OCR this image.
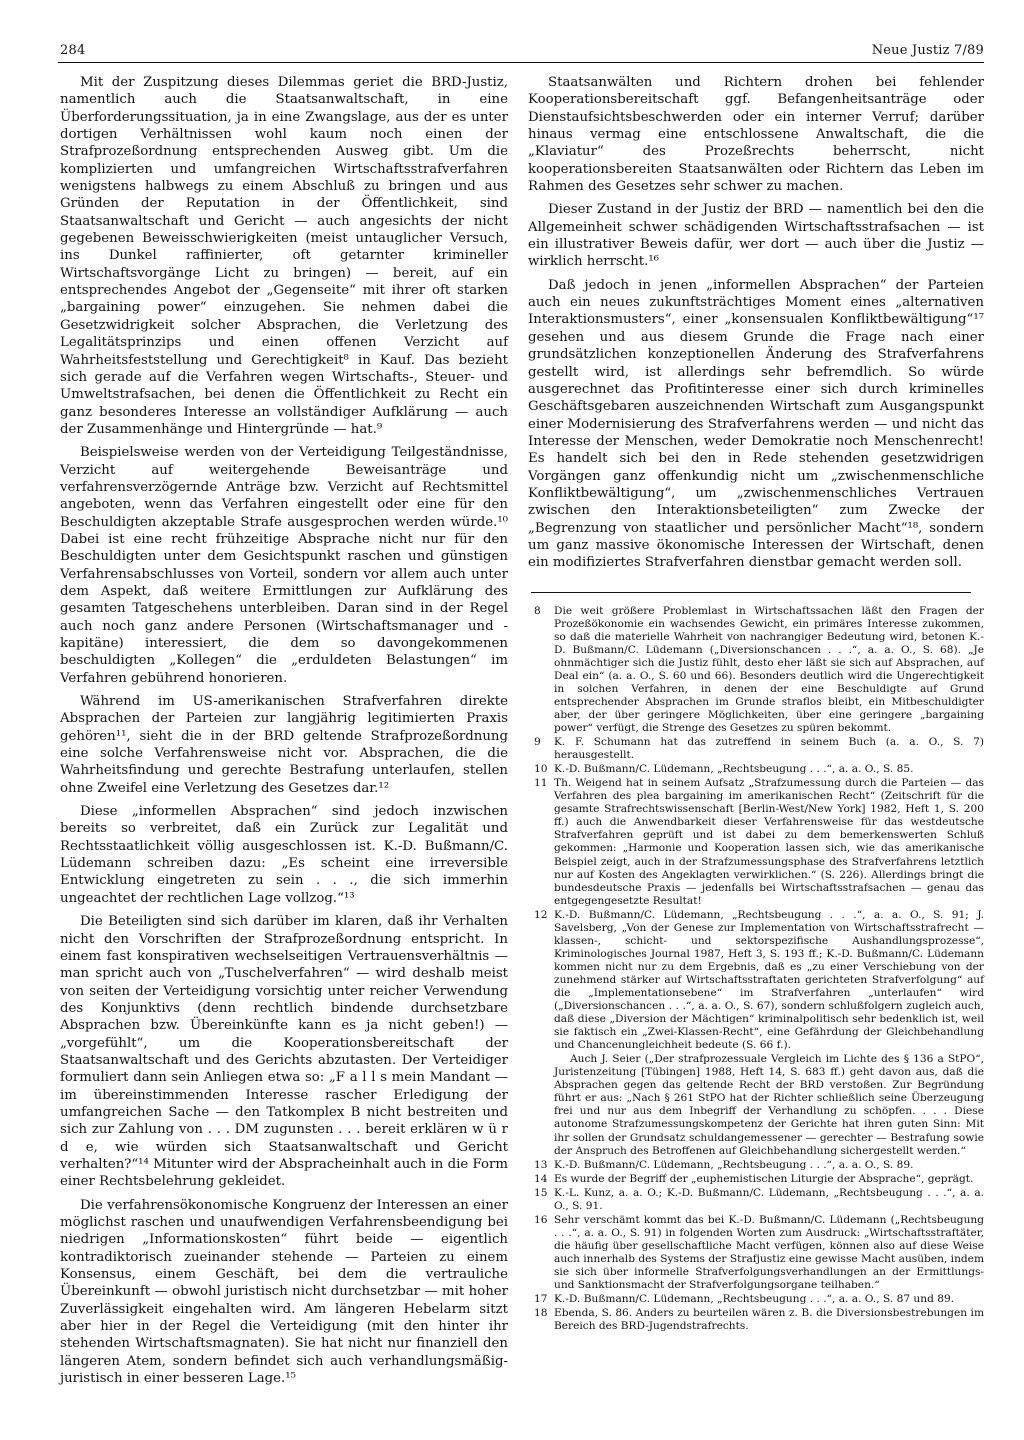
284	Neue Justiz 7/89

Mit der Zuspitzung dieses Dilemmas geriet die BRD-Justiz, namentlich auch die Staatsanwaltschaft, in eine Überforderungssituation, ja in eine Zwangslage, aus der es unter dortigen Verhältnissen wohl kaum noch einen der Strafprozeßordnung entsprechenden Ausweg gibt. Um die komplizierten und umfangreichen Wirtschaftsstrafverfahren wenigstens halbwegs zu einem Abschluß zu bringen und aus Gründen der Reputation in der Öffentlichkeit, sind Staatsanwaltschaft und Gericht — auch angesichts der nicht gegebenen Beweisschwierigkeiten (meist untauglicher Versuch, ins Dunkel raffinierter, oft getarnter krimineller Wirtschaftsvorgänge Licht zu bringen) — bereit, auf ein entsprechendes Angebot der „Gegenseite“ mit ihrer oft starken „bargaining power“ einzugehen. Sie nehmen dabei die Gesetzwidrigkeit solcher Absprachen, die Verletzung des Legalitätsprinzips und einen offenen Verzicht auf Wahrheitsfeststellung und Gerechtigkeit⁸ in Kauf. Das bezieht sich gerade auf die Verfahren wegen Wirtschafts-, Steuer- und Umweltstrafsachen, bei denen die Öffentlichkeit zu Recht ein ganz besonderes Interesse an vollständiger Aufklärung — auch der Zusammenhänge und Hintergründe — hat.⁹

Beispielsweise werden von der Verteidigung Teilgeständnisse, Verzicht auf weitergehende Beweisanträge und verfahrensverzögernde Anträge bzw. Verzicht auf Rechtsmittel angeboten, wenn das Verfahren eingestellt oder eine für den Beschuldigten akzeptable Strafe ausgesprochen werden würde.¹⁰ Dabei ist eine recht frühzeitige Absprache nicht nur für den Beschuldigten unter dem Gesichtspunkt raschen und günstigen Verfahrensabschlusses von Vorteil, sondern vor allem auch unter dem Aspekt, daß weitere Ermittlungen zur Aufklärung des gesamten Tatgeschehens unterbleiben. Daran sind in der Regel auch noch ganz andere Personen (Wirtschaftsmanager und -kapitäne) interessiert, die dem so davongekommenen beschuldigten „Kollegen“ die „erduldeten Belastungen“ im Verfahren gebührend honorieren.

Während im US-amerikanischen Strafverfahren direkte Absprachen der Parteien zur langjährig legitimierten Praxis gehören¹¹, sieht die in der BRD geltende Strafprozeßordnung eine solche Verfahrensweise nicht vor. Absprachen, die die Wahrheitsfindung und gerechte Bestrafung unterlaufen, stellen ohne Zweifel eine Verletzung des Gesetzes dar.¹²

Diese „informellen Absprachen“ sind jedoch inzwischen bereits so verbreitet, daß ein Zurück zur Legalität und Rechtsstaatlichkeit völlig ausgeschlossen ist. K.-D. Bußmann/C. Lüdemann schreiben dazu: „Es scheint eine irreversible Entwicklung eingetreten zu sein . . ., die sich immerhin ungeachtet der rechtlichen Lage vollzog.“¹³

Die Beteiligten sind sich darüber im klaren, daß ihr Verhalten nicht den Vorschriften der Strafprozeßordnung entspricht. In einem fast konspirativen wechselseitigen Vertrauensverhältnis — man spricht auch von „Tuschelverfahren“ — wird deshalb meist von seiten der Verteidigung vorsichtig unter reicher Verwendung des Konjunktivs (denn rechtlich bindende durchsetzbare Absprachen bzw. Übereinkünfte kann es ja nicht geben!) — „vorgefühlt“, um die Kooperationsbereitschaft der Staatsanwaltschaft und des Gerichts abzutasten. Der Verteidiger formuliert dann sein Anliegen etwa so: „F a l l s mein Mandant — im übereinstimmenden Interesse rascher Erledigung der umfangreichen Sache — den Tatkomplex B nicht bestreiten und sich zur Zahlung von . . . DM zugunsten . . . bereit erklären w ü r d e, wie würden sich Staatsanwaltschaft und Gericht verhalten?“¹⁴ Mitunter wird der Absprachеinhalt auch in die Form einer Rechtsbelehrung gekleidet.

Die verfahrensökonomische Kongruenz der Interessen an einer möglichst raschen und unaufwendigen Verfahrensbeendigung bei niedrigen „Informationskosten“ führt beide — eigentlich kontradiktorisch zueinander stehende — Parteien zu einem Konsensus, einem Geschäft, bei dem die vertrauliche Übereinkunft — obwohl juristisch nicht durchsetzbar — mit hoher Zuverlässigkeit eingehalten wird. Am längeren Hebelarm sitzt aber hier in der Regel die Verteidigung (mit den hinter ihr stehenden Wirtschaftsmagnaten). Sie hat nicht nur finanziell den längeren Atem, sondern befindet sich auch verhandlungsmäßig-juristisch in einer besseren Lage.¹⁵

Staatsanwälten und Richtern drohen bei fehlender Kooperationsbereitschaft ggf. Befangenheitsanträge oder Dienstaufsichtsbeschwerden oder ein interner Verruf; darüber hinaus vermag eine entschlossene Anwaltschaft, die die „Klaviatur“ des Prozeßrechts beherrscht, nicht kooperationsbereiten Staatsanwälten oder Richtern das Leben im Rahmen des Gesetzes sehr schwer zu machen.

Dieser Zustand in der Justiz der BRD — namentlich bei den die Allgemeinheit schwer schädigenden Wirtschaftsstrafsachen — ist ein illustrativer Beweis dafür, wer dort — auch über die Justiz — wirklich herrscht.¹⁶

Daß jedoch in jenen „informellen Absprachen“ der Parteien auch ein neues zukunftsträchtiges Moment eines „alternativen Interaktionsmusters“, einer „konsensualen Konfliktbewältigung“¹⁷ gesehen und aus diesem Grunde die Frage nach einer grundsätzlichen konzeptionellen Änderung des Strafverfahrens gestellt wird, ist allerdings sehr befremdlich. So würde ausgerechnet das Profitinteresse einer sich durch kriminelles Geschäftsgebaren auszeichnenden Wirtschaft zum Ausgangspunkt einer Modernisierung des Strafverfahrens werden — und nicht das Interesse der Menschen, weder Demokratie noch Menschenrecht! Es handelt sich bei den in Rede stehenden gesetzwidrigen Vorgängen ganz offenkundig nicht um „zwischenmenschliche Konfliktbewältigung“, um „zwischenmenschliches Vertrauen zwischen den Interaktionsbeteiligten“ zum Zwecke der „Begrenzung von staatlicher und persönlicher Macht“¹⁸, sondern um ganz massive ökonomische Interessen der Wirtschaft, denen ein modifiziertes Strafverfahren dienstbar gemacht werden soll.

8	Die weit größere Problemlast in Wirtschaftssachen läßt den Fragen der Prozeßökonomie ein wachsendes Gewicht, ein primäres Interesse zukommen, so daß die materielle Wahrheit von nachrangiger Bedeutung wird, betonen K.-D. Bußmann/C. Lüdemann („Diversionschancen . . .“, a. a. O., S. 68). „Je ohnmächtiger sich die Justiz fühlt, desto eher läßt sie sich auf Absprachen, auf Deal ein“ (a. a. O., S. 60 und 66). Besonders deutlich wird die Ungerechtigkeit in solchen Verfahren, in denen der eine Beschuldigte auf Grund entsprechender Absprachen im Grunde straflos bleibt, ein Mitbeschuldigter aber, der über geringere Möglichkeiten, über eine geringere „bargaining power“ verfügt, die Strenge des Gesetzes zu spüren bekommt.
9	K. F. Schumann hat das zutreffend in seinem Buch (a. a. O., S. 7) herausgestellt.
10 K.-D. Bußmann/C. Lüdemann, „Rechtsbeugung . . .“, a. a. O., S. 85.
11 Th. Weigend hat in seinem Aufsatz „Strafzumessung durch die Parteien — das Verfahren des plea bargaining im amerikanischen Recht“ (Zeitschrift für die gesamte Strafrechtswissenschaft [Berlin-West/New York] 1982, Heft 1, S. 200 ff.) auch die Anwendbarkeit dieser Verfahrensweise für das westdeutsche Strafverfahren geprüft und ist dabei zu dem bemerkenswerten Schluß gekommen: „Harmonie und Kooperation lassen sich, wie das amerikanische Beispiel zeigt, auch in der Strafzumessungsphase des Strafverfahrens letztlich nur auf Kosten des Angeklagten verwirklichen.“ (S. 226). Allerdings bringt die bundesdeutsche Praxis — jedenfalls bei Wirtschaftsstrafsachen — genau das entgegengesetzte Resultat!
12 K.-D. Bußmann/C. Lüdemann, „Rechtsbeugung . . .“, a. a. O., S. 91; J. Savelsberg, „Von der Genese zur Implementation von Wirtschaftsstrafrecht — klassen-, schicht- und sektorspezifische Aushandlungsprozesse“, Kriminologisches Journal 1987, Heft 3, S. 193 ff.; K.-D. Bußmann/C. Lüdemann kommen nicht nur zu dem Ergebnis, daß es „zu einer Verschiebung von der zunehmend stärker auf Wirtschaftsstraftaten gerichteten Strafverfolgung“ auf die „Implementationsebene“ im Strafverfahren „unterlaufen“ wird („Diversionschancen . . .“, a. a. O., S. 67), sondern schlußfolgern zugleich auch, daß diese „Diversion der Mächtigen“ kriminalpolitisch sehr bedenklich ist, weil sie faktisch ein „Zwei-Klassen-Recht“, eine Gefährdung der Gleichbehandlung und Chancenungleichheit bedeute (S. 66 f.).
Auch J. Seier („Der strafprozessuale Vergleich im Lichte des § 136 a StPO“, Juristenzeitung [Tübingen] 1988, Heft 14, S. 683 ff.) geht davon aus, daß die Absprachen gegen das geltende Recht der BRD verstoßen. Zur Begründung führt er aus: „Nach § 261 StPO hat der Richter schließlich seine Überzeugung frei und nur aus dem Inbegriff der Verhandlung zu schöpfen. . . . Diese autonome Strafzumessungskompetenz der Gerichte hat ihren guten Sinn: Mit ihr sollen der Grundsatz schuldangemessener — gerechter — Bestrafung sowie der Anspruch des Betroffenen auf Gleichbehandlung sichergestellt werden.“
13 K.-D. Bußmann/C. Lüdemann, „Rechtsbeugung . . .“, a. a. O., S. 89.
14 Es wurde der Begriff der „euphemistischen Liturgie der Absprache“, geprägt.
15 K.-L. Kunz, a. a. O.; K.-D. Bußmann/C. Lüdemann, „Rechtsbeugung . . .“, a. a. O., S. 91.
16 Sehr verschämt kommt das bei K.-D. Bußmann/C. Lüdemann („Rechtsbeugung . . .“, a. a. O., S. 91) in folgenden Worten zum Ausdruck: „Wirtschaftsstraftäter, die häufig über gesellschaftliche Macht verfügen, können also auf diese Weise auch innerhalb des Systems der Strafjustiz eine gewisse Macht ausüben, indem sie sich über informelle Strafverfolgungsverhandlungen an der Ermittlungs- und Sanktionsmacht der Strafverfolgungsorgane teilhaben.“
17 K.-D. Bußmann/C. Lüdemann, „Rechtsbeugung . . .“, a. a. O., S. 87 und 89.
18 Ebenda, S. 86. Anders zu beurteilen wären z. B. die Diversionsbestrebungen im Bereich des BRD-Jugendstrafrechts.
